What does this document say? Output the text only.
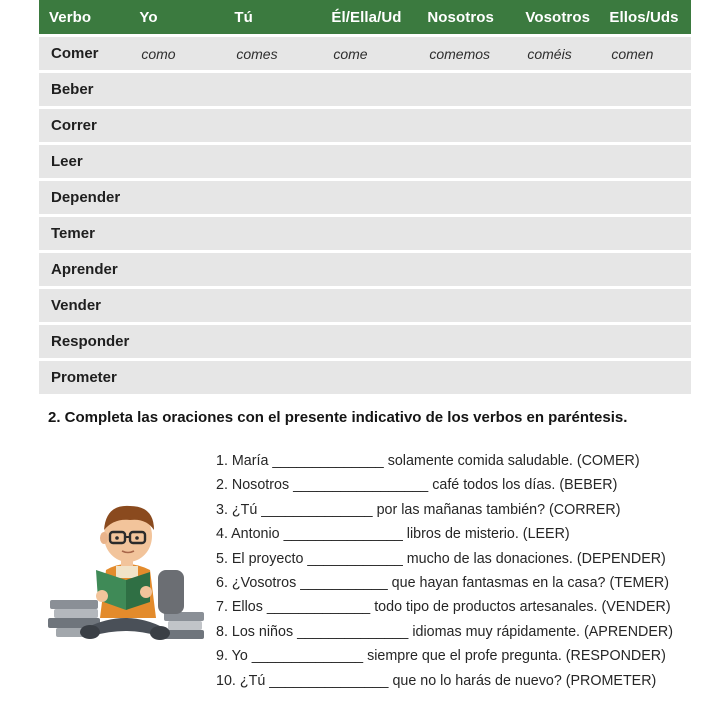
Verbo	Yo	Tú	Él/Ella/Ud	Nosotros	Vosotros	Ellos/Uds
Comer	como	comes	come	comemos	coméis	comen
Beber						
Correr						
Leer						
Depender						
Temer						
Aprender						
Vender						
Responder						
Prometer						

2. Completa las oraciones con el presente indicativo de los verbos en paréntesis.

1. María ______________ solamente comida saludable. (COMER)
2. Nosotros _________________ café todos los días. (BEBER)
3. ¿Tú ______________ por las mañanas también? (CORRER)
4. Antonio _______________ libros de misterio. (LEER)
5. El proyecto ____________ mucho de las donaciones. (DEPENDER)
6. ¿Vosotros ___________ que hayan fantasmas en la casa? (TEMER)
7. Ellos _____________ todo tipo de productos artesanales. (VENDER)
8. Los niños ______________ idiomas muy rápidamente. (APRENDER)
9. Yo ______________ siempre que el profe pregunta. (RESPONDER)
10. ¿Tú _______________ que no lo harás de nuevo? (PROMETER)
